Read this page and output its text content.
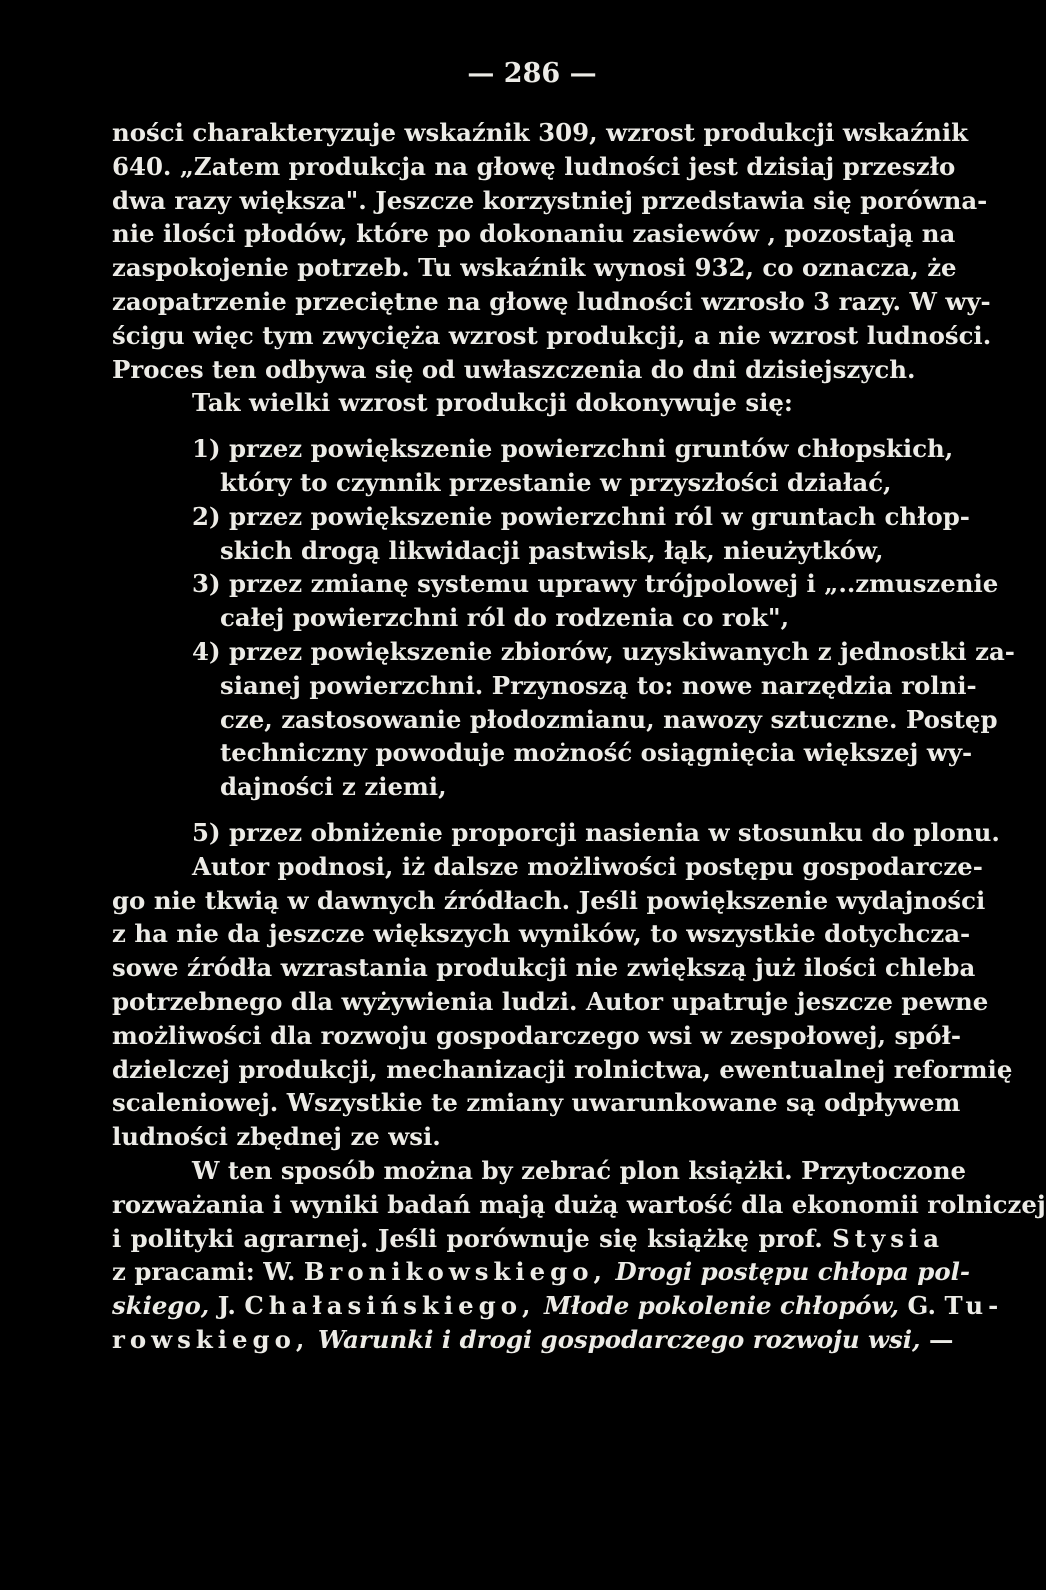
— 286 —
ności charakteryzuje wskaźnik 309, wzrost produkcji wskaźnik
640. „Zatem produkcja na głowę ludności jest dzisiaj przeszło
dwa razy większa". Jeszcze korzystniej przedstawia się porówna-
nie ilości płodów, które po dokonaniu zasiewów , pozostają na
zaspokojenie potrzeb. Tu wskaźnik wynosi 932, co oznacza, że
zaopatrzenie przeciętne na głowę ludności wzrosło 3 razy. W wy-
ścigu więc tym zwycięża wzrost produkcji, a nie wzrost ludności.
Proces ten odbywa się od uwłaszczenia do dni dzisiejszych.
Tak wielki wzrost produkcji dokonywuje się:
1) przez powiększenie powierzchni gruntów chłopskich,
który to czynnik przestanie w przyszłości działać,
2) przez powiększenie powierzchni ról w gruntach chłop-
skich drogą likwidacji pastwisk, łąk, nieużytków,
3) przez zmianę systemu uprawy trójpolowej i „..zmuszenie
całej powierzchni ról do rodzenia co rok",
4) przez powiększenie zbiorów, uzyskiwanych z jednostki za-
sianej powierzchni. Przynoszą to: nowe narzędzia rolni-
cze, zastosowanie płodozmianu, nawozy sztuczne. Postęp
techniczny powoduje możność osiągnięcia większej wy-
dajności z ziemi,
5) przez obniżenie proporcji nasienia w stosunku do plonu.
Autor podnosi, iż dalsze możliwości postępu gospodarcze-
go nie tkwią w dawnych źródłach. Jeśli powiększenie wydajności
z ha nie da jeszcze większych wyników, to wszystkie dotychcza-
sowe źródła wzrastania produkcji nie zwiększą już ilości chleba
potrzebnego dla wyżywienia ludzi. Autor upatruje jeszcze pewne
możliwości dla rozwoju gospodarczego wsi w zespołowej, spół-
dzielczej produkcji, mechanizacji rolnictwa, ewentualnej reformię
scaleniowej. Wszystkie te zmiany uwarunkowane są odpływem
ludności zbędnej ze wsi.
W ten sposób można by zebrać plon książki. Przytoczone
rozważania i wyniki badań mają dużą wartość dla ekonomii rolniczej
i polityki agrarnej. Jeśli porównuje się książkę prof. Stysia
z pracami: W. Bronikowskiego, Drogi postępu chłopa pol-
skiego, J. Chałasińskiego, Młode pokolenie chłopów, G. Tu-
rowskiego, Warunki i drogi gospodarczego rozwoju wsi, —
